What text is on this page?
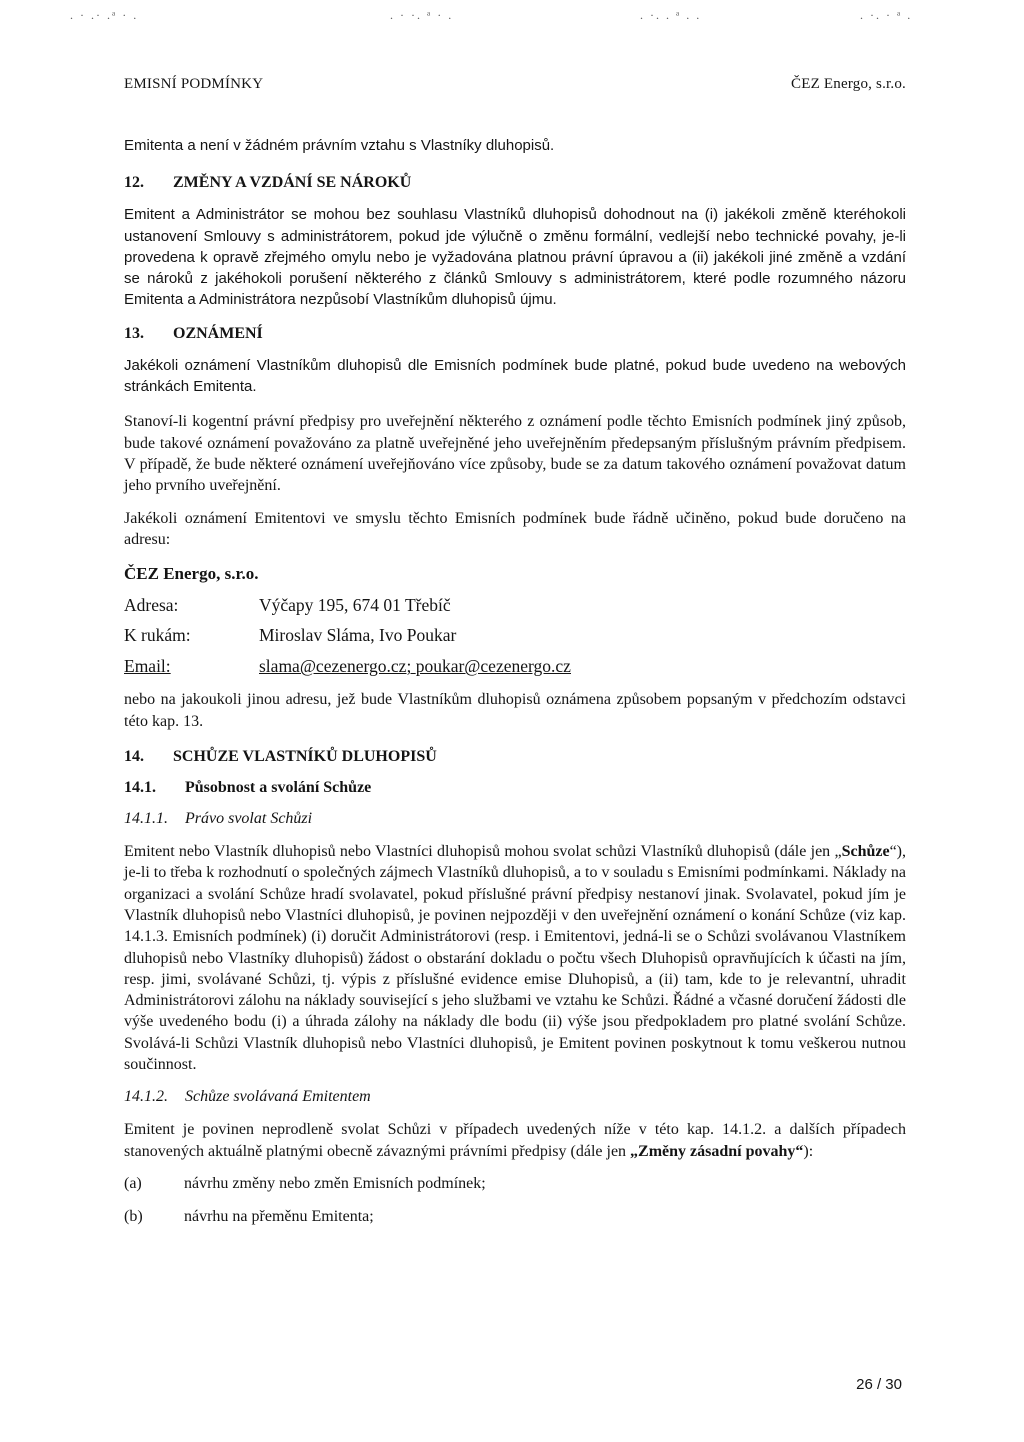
. · .· .ᵃ · .	. · ·. ᵃ · .	. ·. . ᵃ . .	. ·. · ᵃ .
EMISNÍ PODMÍNKY	ČEZ Energo, s.r.o.

Emitenta a není v žádném právním vztahu s Vlastníky dluhopisů.

12.	ZMĚNY A VZDÁNÍ SE NÁROKŮ

Emitent a Administrátor se mohou bez souhlasu Vlastníků dluhopisů dohodnout na (i) jakékoli změně kteréhokoli ustanovení Smlouvy s administrátorem, pokud jde výlučně o změnu formální, vedlejší nebo technické povahy, je-li provedena k opravě zřejmého omylu nebo je vyžadována platnou právní úpravou a (ii) jakékoli jiné změně a vzdání se nároků z jakéhokoli porušení některého z článků Smlouvy s administrátorem, které podle rozumného názoru Emitenta a Administrátora nezpůsobí Vlastníkům dluhopisů újmu.

13.	OZNÁMENÍ

Jakékoli oznámení Vlastníkům dluhopisů dle Emisních podmínek bude platné, pokud bude uvedeno na webových stránkách Emitenta.

Stanoví-li kogentní právní předpisy pro uveřejnění některého z oznámení podle těchto Emisních podmínek jiný způsob, bude takové oznámení považováno za platně uveřejněné jeho uveřejněním předepsaným příslušným právním předpisem. V případě, že bude některé oznámení uveřejňováno více způsoby, bude se za datum takového oznámení považovat datum jeho prvního uveřejnění.

Jakékoli oznámení Emitentovi ve smyslu těchto Emisních podmínek bude řádně učiněno, pokud bude doručeno na adresu:

ČEZ Energo, s.r.o.

Adresa:	Výčapy 195, 674 01 Třebíč
K rukám:	Miroslav Sláma, Ivo Poukar
Email:	slama@cezenergo.cz; poukar@cezenergo.cz

nebo na jakoukoli jinou adresu, jež bude Vlastníkům dluhopisů oznámena způsobem popsaným v předchozím odstavci této kap. 13.

14.	SCHŮZE VLASTNÍKŮ DLUHOPISŮ
14.1.	Působnost a svolání Schůze
14.1.1.	Právo svolat Schůzi

Emitent nebo Vlastník dluhopisů nebo Vlastníci dluhopisů mohou svolat schůzi Vlastníků dluhopisů (dále jen „Schůze“), je-li to třeba k rozhodnutí o společných zájmech Vlastníků dluhopisů, a to v souladu s Emisními podmínkami. Náklady na organizaci a svolání Schůze hradí svolavatel, pokud příslušné právní předpisy nestanoví jinak. Svolavatel, pokud jím je Vlastník dluhopisů nebo Vlastníci dluhopisů, je povinen nejpozději v den uveřejnění oznámení o konání Schůze (viz kap. 14.1.3. Emisních podmínek) (i) doručit Administrátorovi (resp. i Emitentovi, jedná-li se o Schůzi svolávanou Vlastníkem dluhopisů nebo Vlastníky dluhopisů) žádost o obstarání dokladu o počtu všech Dluhopisů opravňujících k účasti na jím, resp. jimi, svolávané Schůzi, tj. výpis z příslušné evidence emise Dluhopisů, a (ii) tam, kde to je relevantní, uhradit Administrátorovi zálohu na náklady související s jeho službami ve vztahu ke Schůzi. Řádné a včasné doručení žádosti dle výše uvedeného bodu (i) a úhrada zálohy na náklady dle bodu (ii) výše jsou předpokladem pro platné svolání Schůze. Svolává-li Schůzi Vlastník dluhopisů nebo Vlastníci dluhopisů, je Emitent povinen poskytnout k tomu veškerou nutnou součinnost.

14.1.2.	Schůze svolávaná Emitentem

Emitent je povinen neprodleně svolat Schůzi v případech uvedených níže v této kap. 14.1.2. a dalších případech stanovených aktuálně platnými obecně závaznými právními předpisy (dále jen „Změny zásadní povahy“):

(a)	návrhu změny nebo změn Emisních podmínek;
(b)	návrhu na přeměnu Emitenta;
26 / 30
